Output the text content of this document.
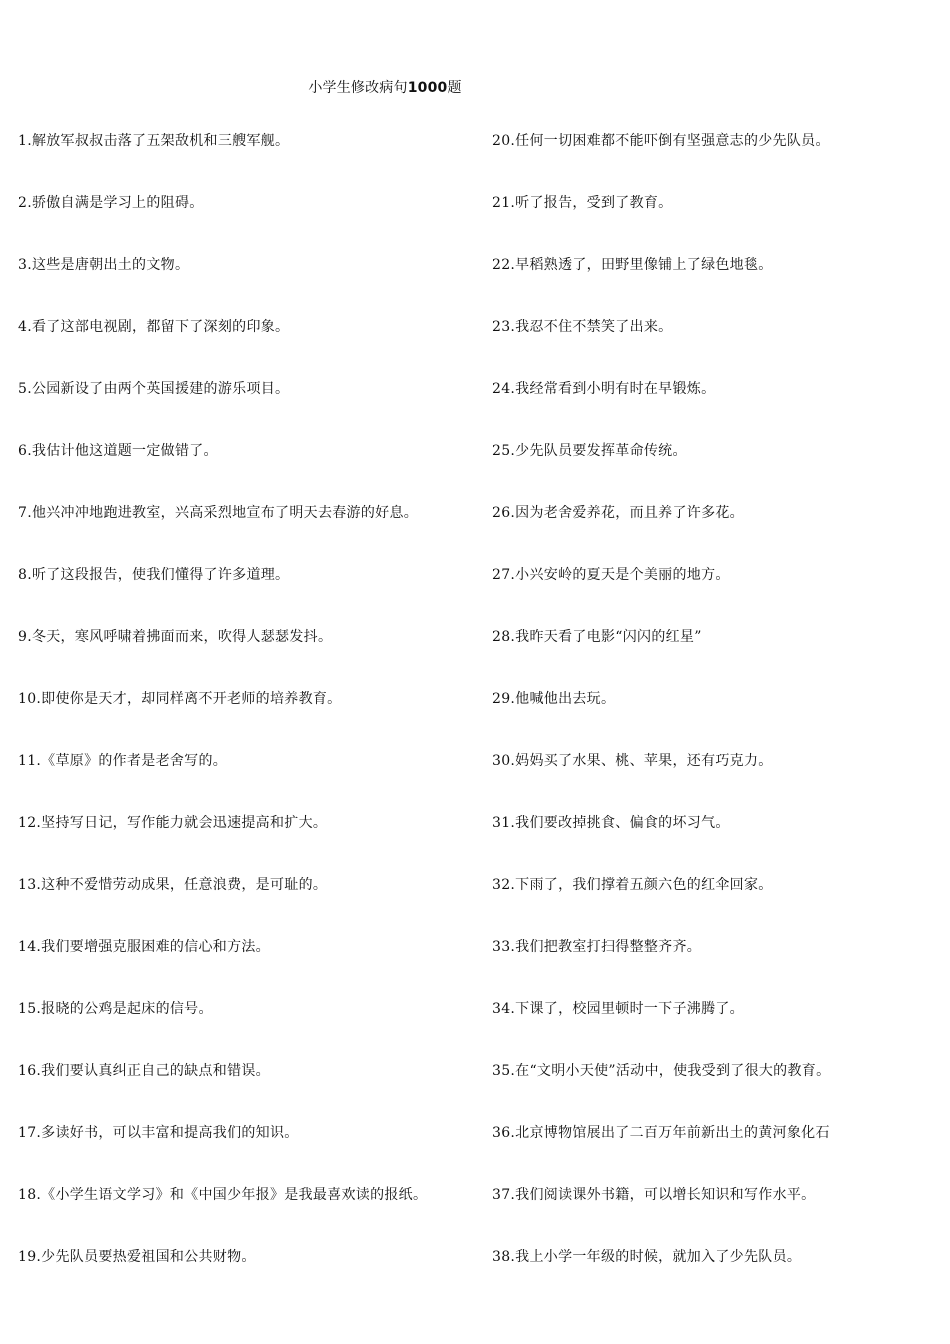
小学生修改病句1000题
1.解放军叔叔击落了五架敌机和三艘军舰。
2.骄傲自满是学习上的阻碍。
3.这些是唐朝出土的文物。
4.看了这部电视剧，都留下了深刻的印象。
5.公园新设了由两个英国援建的游乐项目。
6.我估计他这道题一定做错了。
7.他兴冲冲地跑进教室，兴高采烈地宣布了明天去春游的好息。
8.听了这段报告，使我们懂得了许多道理。
9.冬天，寒风呼啸着拂面而来，吹得人瑟瑟发抖。
10.即使你是天才，却同样离不开老师的培养教育。
11.《草原》的作者是老舍写的。
12.坚持写日记，写作能力就会迅速提高和扩大。
13.这种不爱惜劳动成果，任意浪费，是可耻的。
14.我们要增强克服困难的信心和方法。
15.报晓的公鸡是起床的信号。
16.我们要认真纠正自己的缺点和错误。
17.多读好书，可以丰富和提高我们的知识。
18.《小学生语文学习》和《中国少年报》是我最喜欢读的报纸。
19.少先队员要热爱祖国和公共财物。
20.任何一切困难都不能吓倒有坚强意志的少先队员。
21.听了报告，受到了教育。
22.早稻熟透了，田野里像铺上了绿色地毯。
23.我忍不住不禁笑了出来。
24.我经常看到小明有时在早锻炼。
25.少先队员要发挥革命传统。
26.因为老舍爱养花，而且养了许多花。
27.小兴安岭的夏天是个美丽的地方。
28.我昨天看了电影“闪闪的红星”
29.他喊他出去玩。
30.妈妈买了水果、桃、苹果，还有巧克力。
31.我们要改掉挑食、偏食的坏习气。
32.下雨了，我们撑着五颜六色的红伞回家。
33.我们把教室打扫得整整齐齐。
34.下课了，校园里顿时一下子沸腾了。
35.在“文明小天使”活动中，使我受到了很大的教育。
36.北京博物馆展出了二百万年前新出土的黄河象化石
37.我们阅读课外书籍，可以增长知识和写作水平。
38.我上小学一年级的时候，就加入了少先队员。
